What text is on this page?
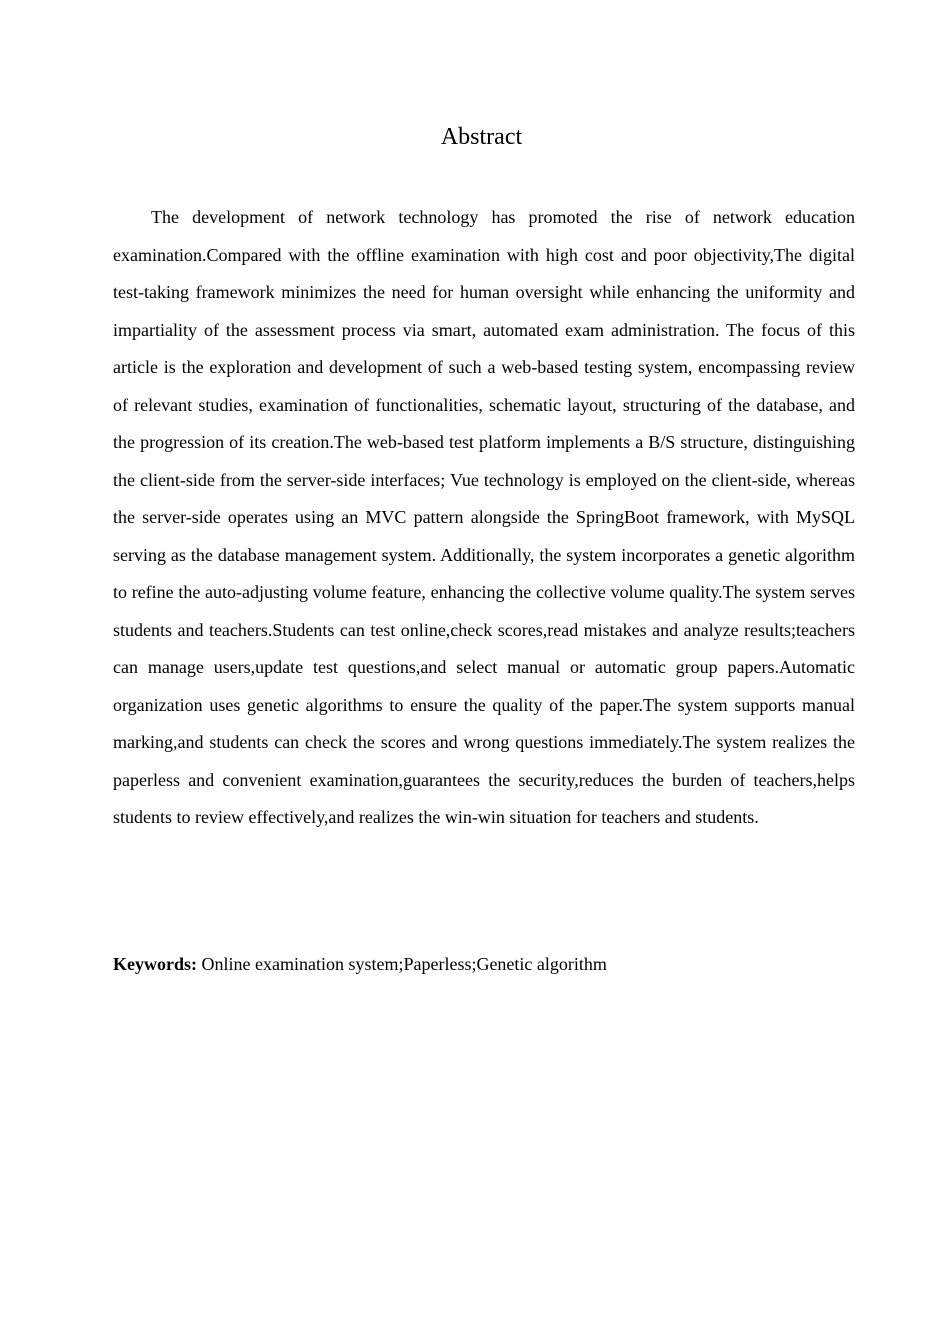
Abstract

The development of network technology has promoted the rise of network education examination.Compared with the offline examination with high cost and poor objectivity,The digital test-taking framework minimizes the need for human oversight while enhancing the uniformity and impartiality of the assessment process via smart, automated exam administration. The focus of this article is the exploration and development of such a web-based testing system, encompassing review of relevant studies, examination of functionalities, schematic layout, structuring of the database, and the progression of its creation.The web-based test platform implements a B/S structure, distinguishing the client-side from the server-side interfaces; Vue technology is employed on the client-side, whereas the server-side operates using an MVC pattern alongside the SpringBoot framework, with MySQL serving as the database management system. Additionally, the system incorporates a genetic algorithm to refine the auto-adjusting volume feature, enhancing the collective volume quality.The system serves students and teachers.Students can test online,check scores,read mistakes and analyze results;teachers can manage users,update test questions,and select manual or automatic group papers.Automatic organization uses genetic algorithms to ensure the quality of the paper.The system supports manual marking,and students can check the scores and wrong questions immediately.The system realizes the paperless and convenient examination,guarantees the security,reduces the burden of teachers,helps students to review effectively,and realizes the win-win situation for teachers and students.

Keywords: Online examination system;Paperless;Genetic algorithm
